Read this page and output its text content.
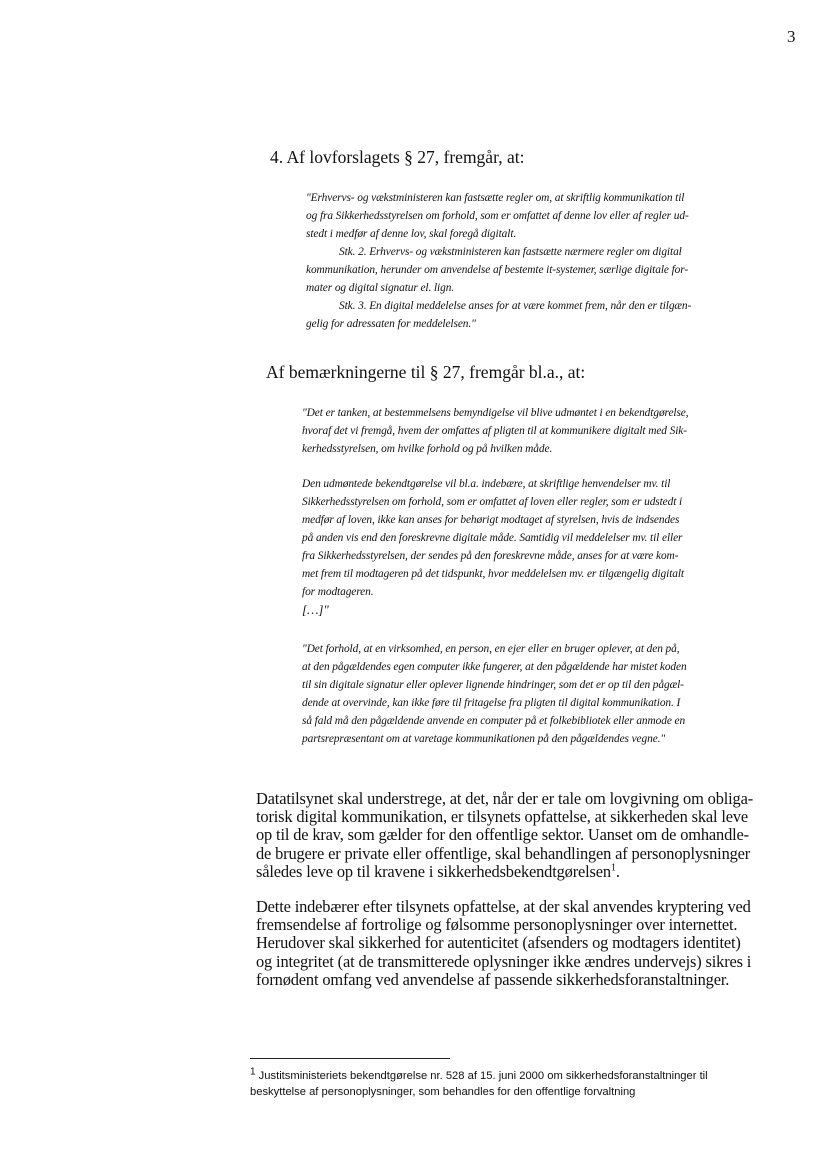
3
4. Af lovforslagets § 27, fremgår, at:

"Erhvervs- og vækstministeren kan fastsætte regler om, at skriftlig kommunikation til

og fra Sikkerhedsstyrelsen om forhold, som er omfattet af denne lov eller af regler ud-

stedt i medfør af denne lov, skal foregå digitalt.

Stk. 2. Erhvervs- og vækstministeren kan fastsætte nærmere regler om digital

kommunikation, herunder om anvendelse af bestemte it-systemer, særlige digitale for-

mater og digital signatur el. lign.

Stk. 3. En digital meddelelse anses for at være kommet frem, når den er tilgæn-

gelig for adressaten for meddelelsen."

Af bemærkningerne til § 27, fremgår bl.a., at:

"Det er tanken, at bestemmelsens bemyndigelse vil blive udmøntet i en bekendtgørelse,

hvoraf det vi fremgå, hvem der omfattes af pligten til at kommunikere digitalt med Sik-

kerhedsstyrelsen, om hvilke forhold og på hvilken måde.

Den udmøntede bekendtgørelse vil bl.a. indebære, at skriftlige henvendelser mv. til

Sikkerhedsstyrelsen om forhold, som er omfattet af loven eller regler, som er udstedt i

medfør af loven, ikke kan anses for behørigt modtaget af styrelsen, hvis de indsendes

på anden vis end den foreskrevne digitale måde. Samtidig vil meddelelser mv. til eller

fra Sikkerhedsstyrelsen, der sendes på den foreskrevne måde, anses for at være kom-

met frem til modtageren på det tidspunkt, hvor meddelelsen mv. er tilgængelig digitalt

for modtageren.

[…]"

"Det forhold, at en virksomhed, en person, en ejer eller en bruger oplever, at den på,

at den pågældendes egen computer ikke fungerer, at den pågældende har mistet koden

til sin digitale signatur eller oplever lignende hindringer, som det er op til den pågæl-

dende at overvinde, kan ikke føre til fritagelse fra pligten til digital kommunikation. I

så fald må den pågældende anvende en computer på et folkebibliotek eller anmode en

partsrepræsentant om at varetage kommunikationen på den pågældendes vegne."

Datatilsynet skal understrege, at det, når der er tale om lovgivning om obliga-

torisk digital kommunikation, er tilsynets opfattelse, at sikkerheden skal leve

op til de krav, som gælder for den offentlige sektor. Uanset om de omhandle-

de brugere er private eller offentlige, skal behandlingen af personoplysninger

således leve op til kravene i sikkerhedsbekendtgørelsen$^1$.

Dette indebærer efter tilsynets opfattelse, at der skal anvendes kryptering ved

fremsendelse af fortrolige og følsomme personoplysninger over internettet.

Herudover skal sikkerhed for autenticitet (afsenders og modtagers identitet)

og integritet (at de transmitterede oplysninger ikke ændres undervejs) sikres i

fornødent omfang ved anvendelse af passende sikkerhedsforanstaltninger.

$^1$ Justitsministeriets bekendtgørelse nr. 528 af 15. juni 2000 om sikkerhedsforanstaltninger til

beskyttelse af personoplysninger, som behandles for den offentlige forvaltning
